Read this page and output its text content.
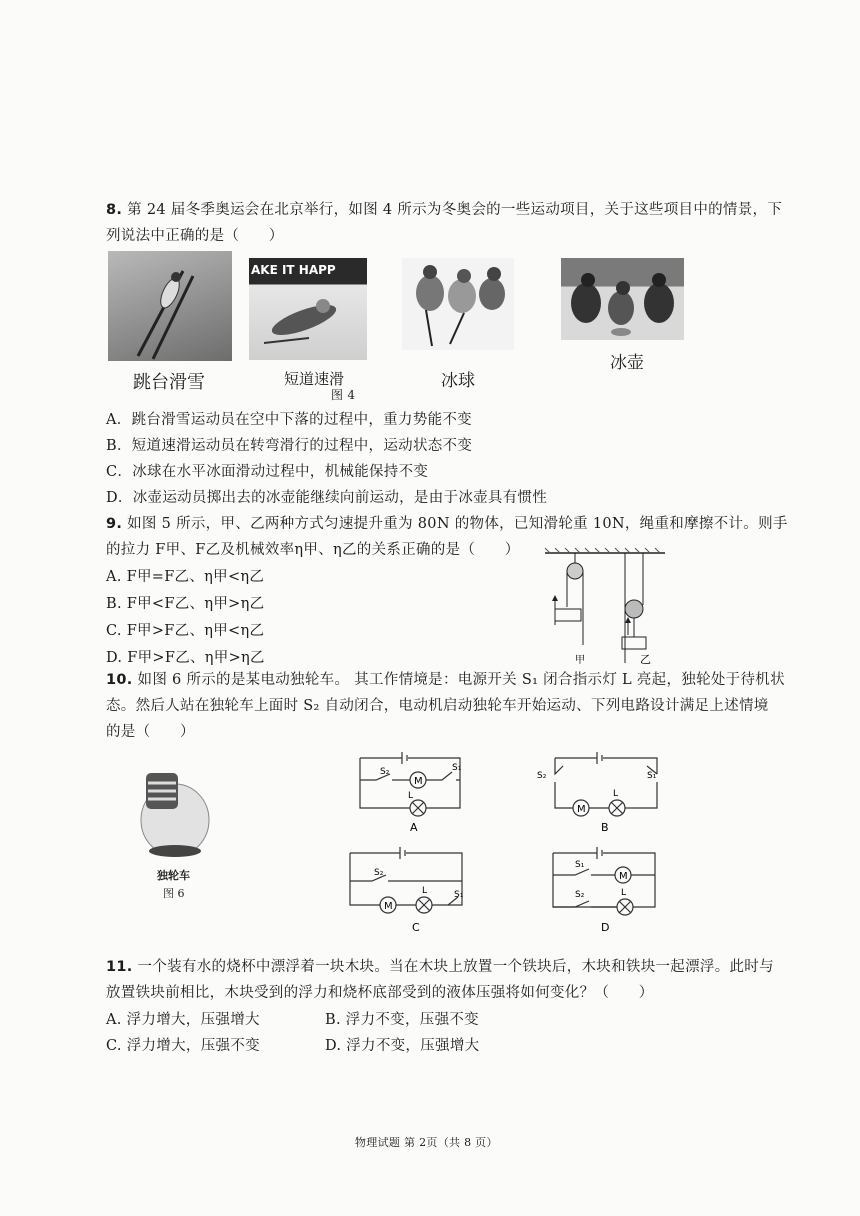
8. 第 24 届冬季奥运会在北京举行，如图 4 所示为冬奥会的一些运动项目，关于这些项目中的情景，下
列说法中正确的是（　　）
AKE IT HAPP
跳台滑雪	短道速滑	冰球
冰壶
图 4
A．跳台滑雪运动员在空中下落的过程中，重力势能不变
B．短道速滑运动员在转弯滑行的过程中，运动状态不变
C．冰球在水平冰面滑动过程中，机械能保持不变
D．冰壶运动员掷出去的冰壶能继续向前运动，是由于冰壶具有惯性
9. 如图 5 所示，甲、乙两种方式匀速提升重为 80N 的物体，已知滑轮重 10N，绳重和摩擦不计。则手
的拉力 F甲、F乙及机械效率η甲、η乙的关系正确的是（　　）
A. F甲=F乙、η甲<η乙
B. F甲<F乙、η甲>η乙
C. F甲>F乙、η甲<η乙
D. F甲>F乙、η甲>η乙	甲	乙
10. 如图 6 所示的是某电动独轮车。 其工作情境是：电源开关 S₁ 闭合指示灯 L 亮起，独轮处于待机状
态。然后人站在独轮车上面时 S₂ 自动闭合，电动机启动独轮车开始运动、下列电路设计满足上述情境
的是（　　）
独轮车
图 6
S₂
M
S₁
L
A
S₂	S₁
M
L
B
S₂
M
L	S₁
C
S₁
M
S₂	L
D
11. 一个装有水的烧杯中漂浮着一块木块。当在木块上放置一个铁块后，木块和铁块一起漂浮。此时与
放置铁块前相比，木块受到的浮力和烧杯底部受到的液体压强将如何变化？（　　）
A. 浮力增大，压强增大	B. 浮力不变，压强不变
C. 浮力增大，压强不变	D. 浮力不变，压强增大
物理试题 第 2页（共 8 页）
